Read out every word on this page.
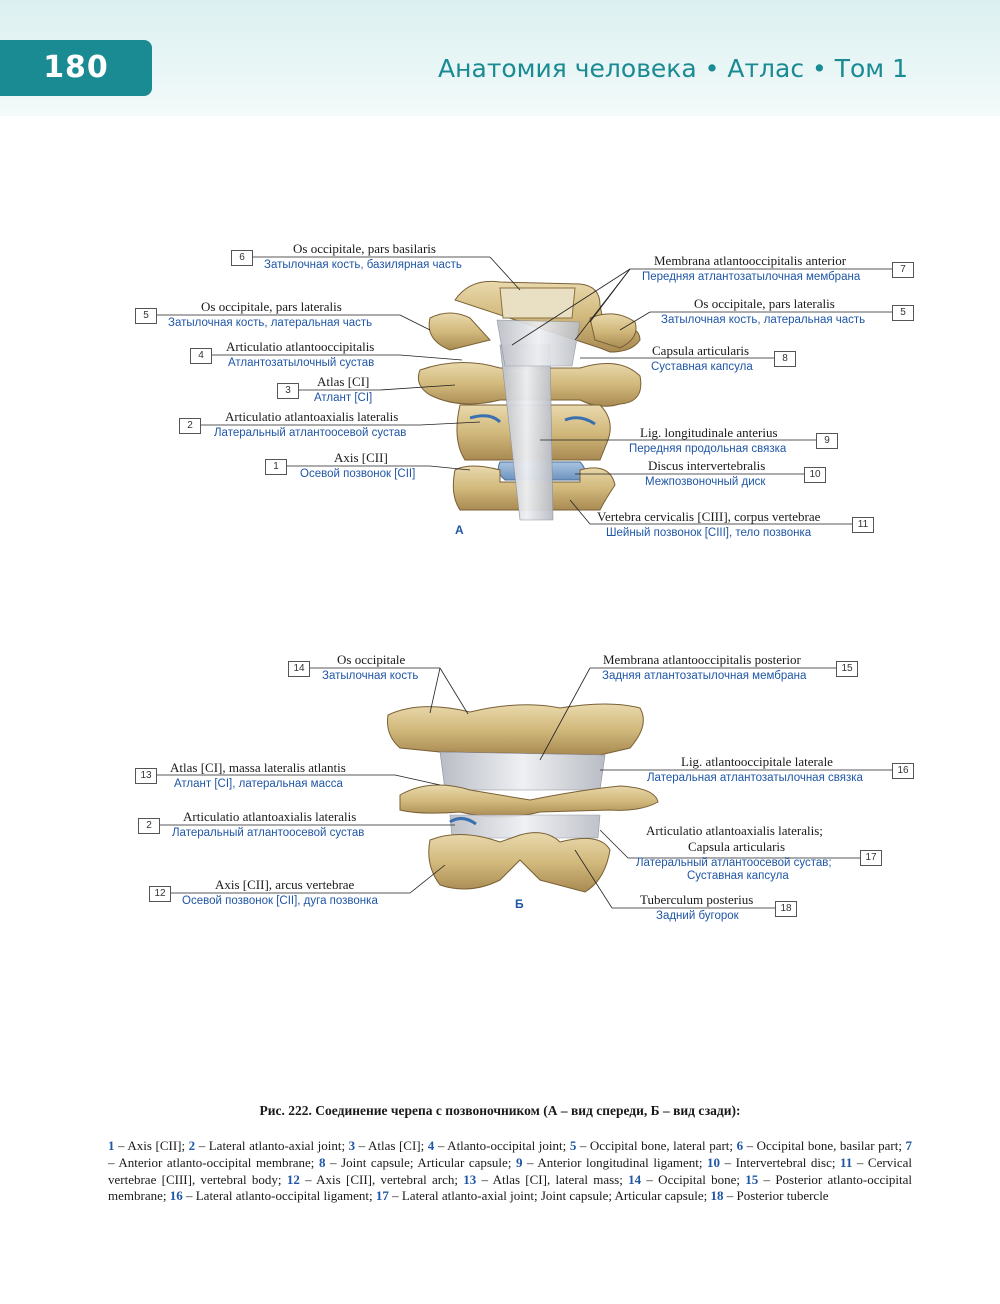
180	Анатомия человека • Атлас • Том 1
6
Os occipitale, pars basilaris
Затылочная кость, базилярная часть
5
Os occipitale, pars lateralis
Затылочная кость, латеральная часть
4
Articulatio atlantooccipitalis
Атлантозатылочный сустав
3
Atlas [CI]
Атлант [CI]
2
Articulatio atlantoaxialis lateralis
Латеральный атлантоосевой сустав
1
Axis [CII]
Осевой позвонок [CII]
7
Membrana atlantooccipitalis anterior
Передняя атлантозатылочная мембрана
5
Os occipitale, pars lateralis
Затылочная кость, латеральная часть
8
Capsula articularis
Суставная капсула
9
Lig. longitudinale anterius
Передняя продольная связка
10
Discus intervertebralis
Межпозвоночный диск
11
Vertebra cervicalis [CIII], corpus vertebrae
Шейный позвонок [CIII], тело позвонка
А
14
Os occipitale
Затылочная кость
13
Atlas [CI], massa lateralis atlantis
Атлант [CI], латеральная масса
2
Articulatio atlantoaxialis lateralis
Латеральный атлантоосевой сустав
12
Axis [CII], arcus vertebrae
Осевой позвонок [CII], дуга позвонка
15
Membrana atlantooccipitalis posterior
Задняя атлантозатылочная мембрана
16
Lig. atlantooccipitale laterale
Латеральная атлантозатылочная связка
17
Articulatio atlantoaxialis lateralis;
Capsula articularis
Латеральный атлантоосевой сустав;
Суставная капсула
18
Tuberculum posterius
Задний бугорок
Б
Рис. 222. Соединение черепа с позвоночником (А – вид спереди, Б – вид сзади):
1 – Axis [CII]; 2 – Lateral atlanto-axial joint; 3 – Atlas [CI]; 4 – Atlanto-occipital joint; 5 – Occipital bone, lateral part; 6 – Occipital bone, basilar part; 7 – Anterior atlanto-occipital membrane; 8 – Joint capsule; Articular capsule; 9 – Anterior longitudinal ligament; 10 – Intervertebral disc; 11 – Cervical vertebrae [CIII], vertebral body; 12 – Axis [CII], vertebral arch; 13 – Atlas [CI], lateral mass; 14 – Occipital bone; 15 – Posterior atlanto-occipital membrane; 16 – Lateral atlanto-occipital ligament; 17 – Lateral atlanto-axial joint; Joint capsule; Articular capsule; 18 – Posterior tubercle
